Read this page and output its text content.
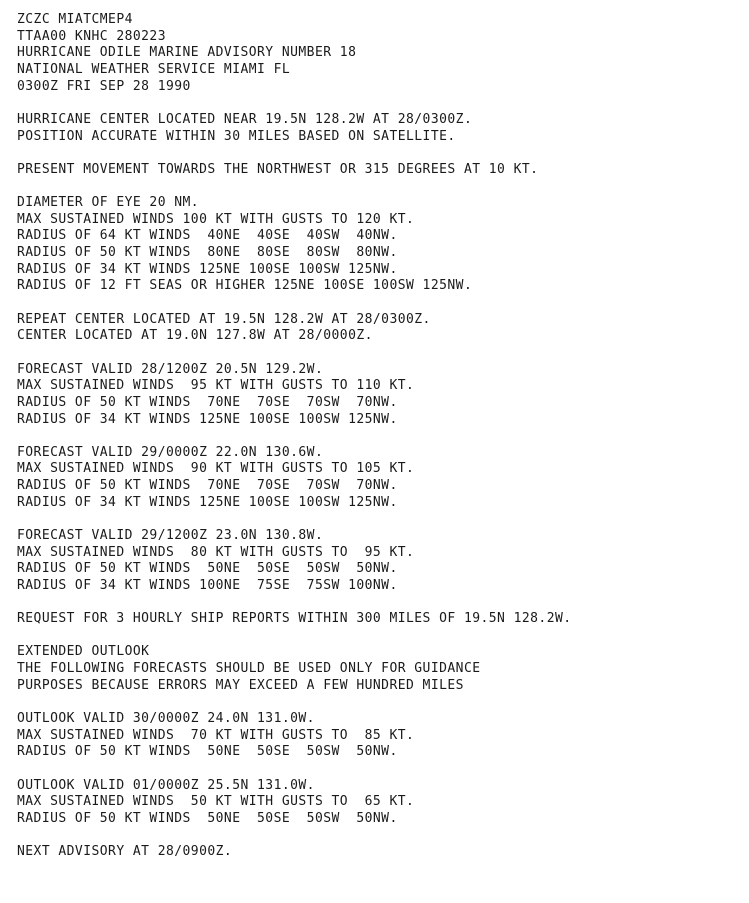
ZCZC MIATCMEP4
TTAA00 KNHC 280223
HURRICANE ODILE MARINE ADVISORY NUMBER 18
NATIONAL WEATHER SERVICE MIAMI FL
0300Z FRI SEP 28 1990
HURRICANE CENTER LOCATED NEAR 19.5N 128.2W AT 28/0300Z.
POSITION ACCURATE WITHIN 30 MILES BASED ON SATELLITE.
PRESENT MOVEMENT TOWARDS THE NORTHWEST OR 315 DEGREES AT 10 KT.
DIAMETER OF EYE 20 NM.
MAX SUSTAINED WINDS 100 KT WITH GUSTS TO 120 KT.
RADIUS OF 64 KT WINDS  40NE  40SE  40SW  40NW.
RADIUS OF 50 KT WINDS  80NE  80SE  80SW  80NW.
RADIUS OF 34 KT WINDS 125NE 100SE 100SW 125NW.
RADIUS OF 12 FT SEAS OR HIGHER 125NE 100SE 100SW 125NW.
REPEAT CENTER LOCATED AT 19.5N 128.2W AT 28/0300Z.
CENTER LOCATED AT 19.0N 127.8W AT 28/0000Z.
FORECAST VALID 28/1200Z 20.5N 129.2W.
MAX SUSTAINED WINDS  95 KT WITH GUSTS TO 110 KT.
RADIUS OF 50 KT WINDS  70NE  70SE  70SW  70NW.
RADIUS OF 34 KT WINDS 125NE 100SE 100SW 125NW.
FORECAST VALID 29/0000Z 22.0N 130.6W.
MAX SUSTAINED WINDS  90 KT WITH GUSTS TO 105 KT.
RADIUS OF 50 KT WINDS  70NE  70SE  70SW  70NW.
RADIUS OF 34 KT WINDS 125NE 100SE 100SW 125NW.
FORECAST VALID 29/1200Z 23.0N 130.8W.
MAX SUSTAINED WINDS  80 KT WITH GUSTS TO  95 KT.
RADIUS OF 50 KT WINDS  50NE  50SE  50SW  50NW.
RADIUS OF 34 KT WINDS 100NE  75SE  75SW 100NW.
REQUEST FOR 3 HOURLY SHIP REPORTS WITHIN 300 MILES OF 19.5N 128.2W.
EXTENDED OUTLOOK
THE FOLLOWING FORECASTS SHOULD BE USED ONLY FOR GUIDANCE
PURPOSES BECAUSE ERRORS MAY EXCEED A FEW HUNDRED MILES
OUTLOOK VALID 30/0000Z 24.0N 131.0W.
MAX SUSTAINED WINDS  70 KT WITH GUSTS TO  85 KT.
RADIUS OF 50 KT WINDS  50NE  50SE  50SW  50NW.
OUTLOOK VALID 01/0000Z 25.5N 131.0W.
MAX SUSTAINED WINDS  50 KT WITH GUSTS TO  65 KT.
RADIUS OF 50 KT WINDS  50NE  50SE  50SW  50NW.
NEXT ADVISORY AT 28/0900Z.
